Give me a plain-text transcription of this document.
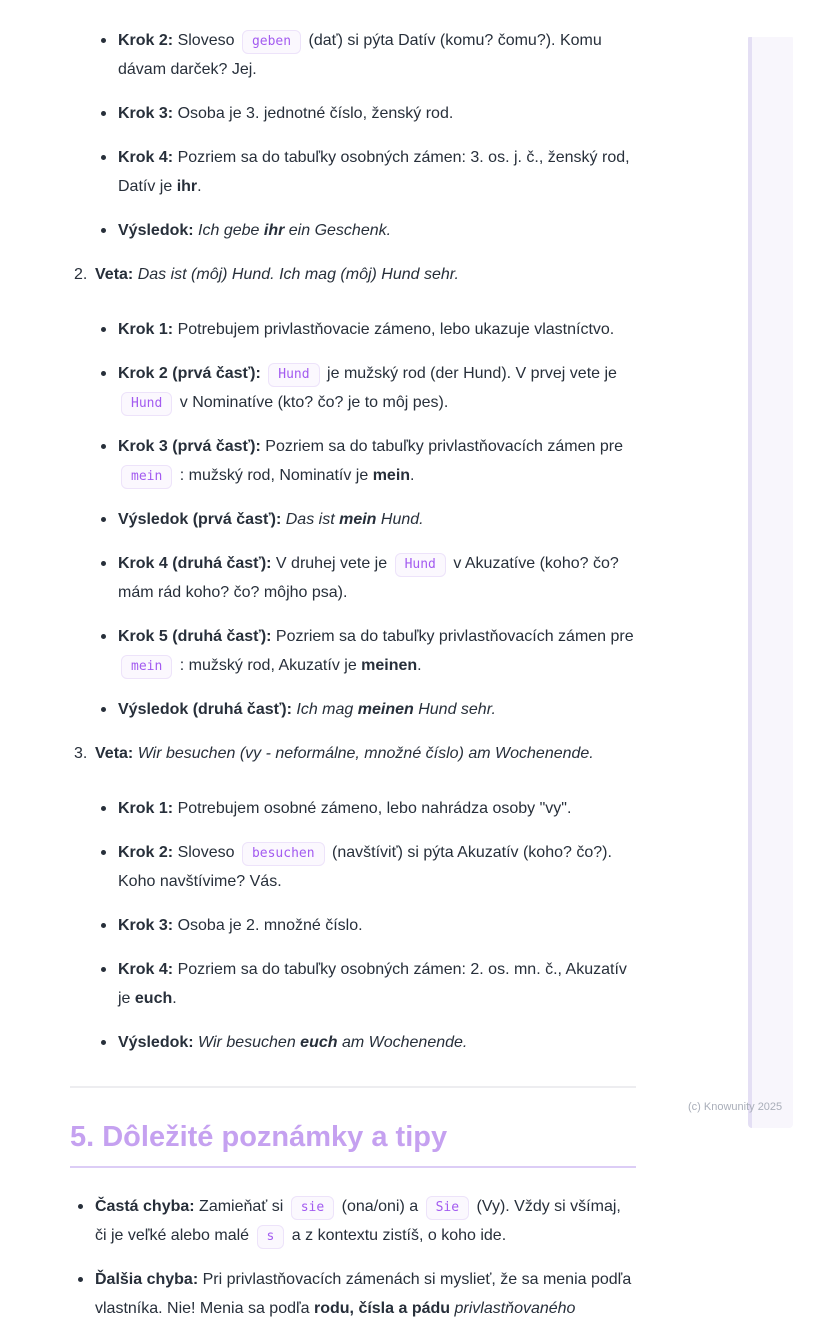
Krok 2: Sloveso geben (dať) si pýta Datív (komu? čomu?). Komu dávam darček? Jej.
Krok 3: Osoba je 3. jednotné číslo, ženský rod.
Krok 4: Pozriem sa do tabuľky osobných zámen: 3. os. j. č., ženský rod, Datív je ihr.
Výsledok: Ich gebe ihr ein Geschenk.
2. Veta: Das ist (môj) Hund. Ich mag (môj) Hund sehr.
Krok 1: Potrebujem privlastňovacie zámeno, lebo ukazuje vlastníctvo.
Krok 2 (prvá časť): Hund je mužský rod (der Hund). V prvej vete je Hund v Nominatíve (kto? čo? je to môj pes).
Krok 3 (prvá časť): Pozriem sa do tabuľky privlastňovacích zámen pre mein : mužský rod, Nominatív je mein.
Výsledok (prvá časť): Das ist mein Hund.
Krok 4 (druhá časť): V druhej vete je Hund v Akuzatíve (koho? čo? mám rád koho? čo? môjho psa).
Krok 5 (druhá časť): Pozriem sa do tabuľky privlastňovacích zámen pre mein : mužský rod, Akuzatív je meinen.
Výsledok (druhá časť): Ich mag meinen Hund sehr.
3. Veta: Wir besuchen (vy - neformálne, množné číslo) am Wochenende.
Krok 1: Potrebujem osobné zámeno, lebo nahrádza osoby "vy".
Krok 2: Sloveso besuchen (navštíviť) si pýta Akuzatív (koho? čo?). Koho navštívime? Vás.
Krok 3: Osoba je 2. množné číslo.
Krok 4: Pozriem sa do tabuľky osobných zámen: 2. os. mn. č., Akuzatív je euch.
Výsledok: Wir besuchen euch am Wochenende.
5. Dôležité poznámky a tipy
Častá chyba: Zamieňať si sie (ona/oni) a Sie (Vy). Vždy si všímaj, či je veľké alebo malé s a z kontextu zistíš, o koho ide.
Ďalšia chyba: Pri privlastňovacích zámenách si myslieť, že sa menia podľa vlastníka. Nie! Menia sa podľa rodu, čísla a pádu privlastňovaného
(c) Knowunity 2025
